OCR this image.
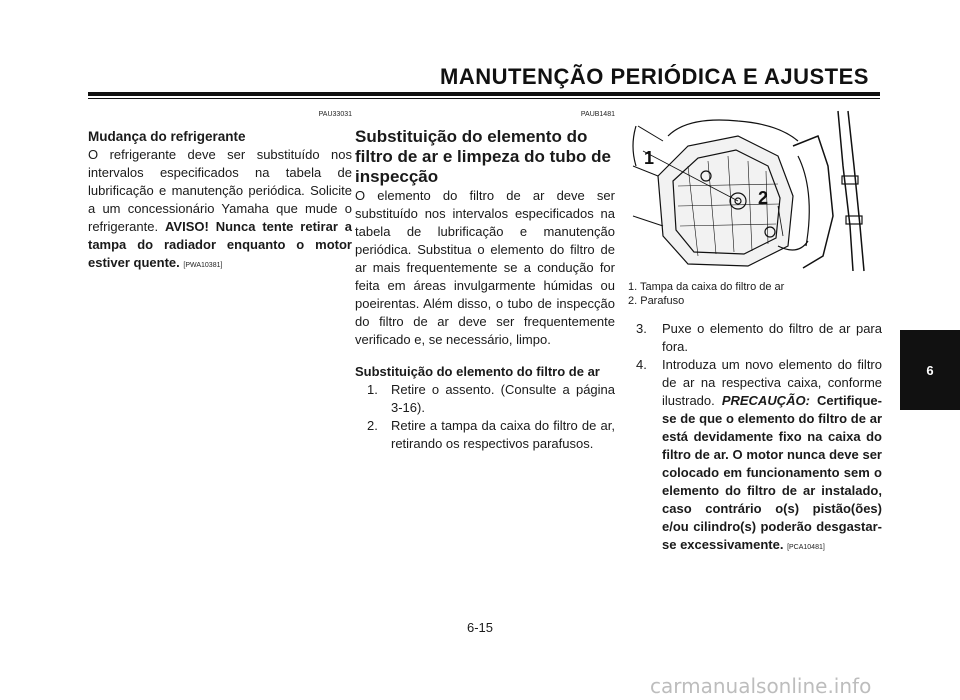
MANUTENÇÃO PERIÓDICA E AJUSTES
PAU33031
Mudança do refrigerante

O refrigerante deve ser substituído nos intervalos especificados na tabela de lubrificação e manutenção periódica. Solicite a um concessionário Yamaha que mude o refrigerante. AVISO! Nunca tente retirar a tampa do radiador enquanto o motor estiver quente. [PWA10381]

PAUB1481
Substituição do elemento do filtro de ar e limpeza do tubo de inspecção

O elemento do filtro de ar deve ser substituído nos intervalos especificados na tabela de lubrificação e manutenção periódica. Substitua o elemento do filtro de ar mais frequentemente se a condução for feita em áreas invulgarmente húmidas ou poeirentas. Além disso, o tubo de inspecção do filtro de ar deve ser frequentemente verificado e, se necessário, limpo.

Substituição do elemento do filtro de ar

1. Retire o assento. (Consulte a página 3-16).

2. Retire a tampa da caixa do filtro de ar, retirando os respectivos parafusos.

1
2
1. Tampa da caixa do filtro de ar
2. Parafuso

3. Puxe o elemento do filtro de ar para fora.

4. Introduza um novo elemento do filtro de ar na respectiva caixa, conforme ilustrado. PRECAUÇÃO: Certifique-se de que o elemento do filtro de ar está devidamente fixo na caixa do filtro de ar. O motor nunca deve ser colocado em funcionamento sem o elemento do filtro de ar instalado, caso contrário o(s) pistão(ões) e/ou cilindro(s) poderão desgastar-se excessivamente. [PCA10481]

6
6-15
carmanualsonline.info
